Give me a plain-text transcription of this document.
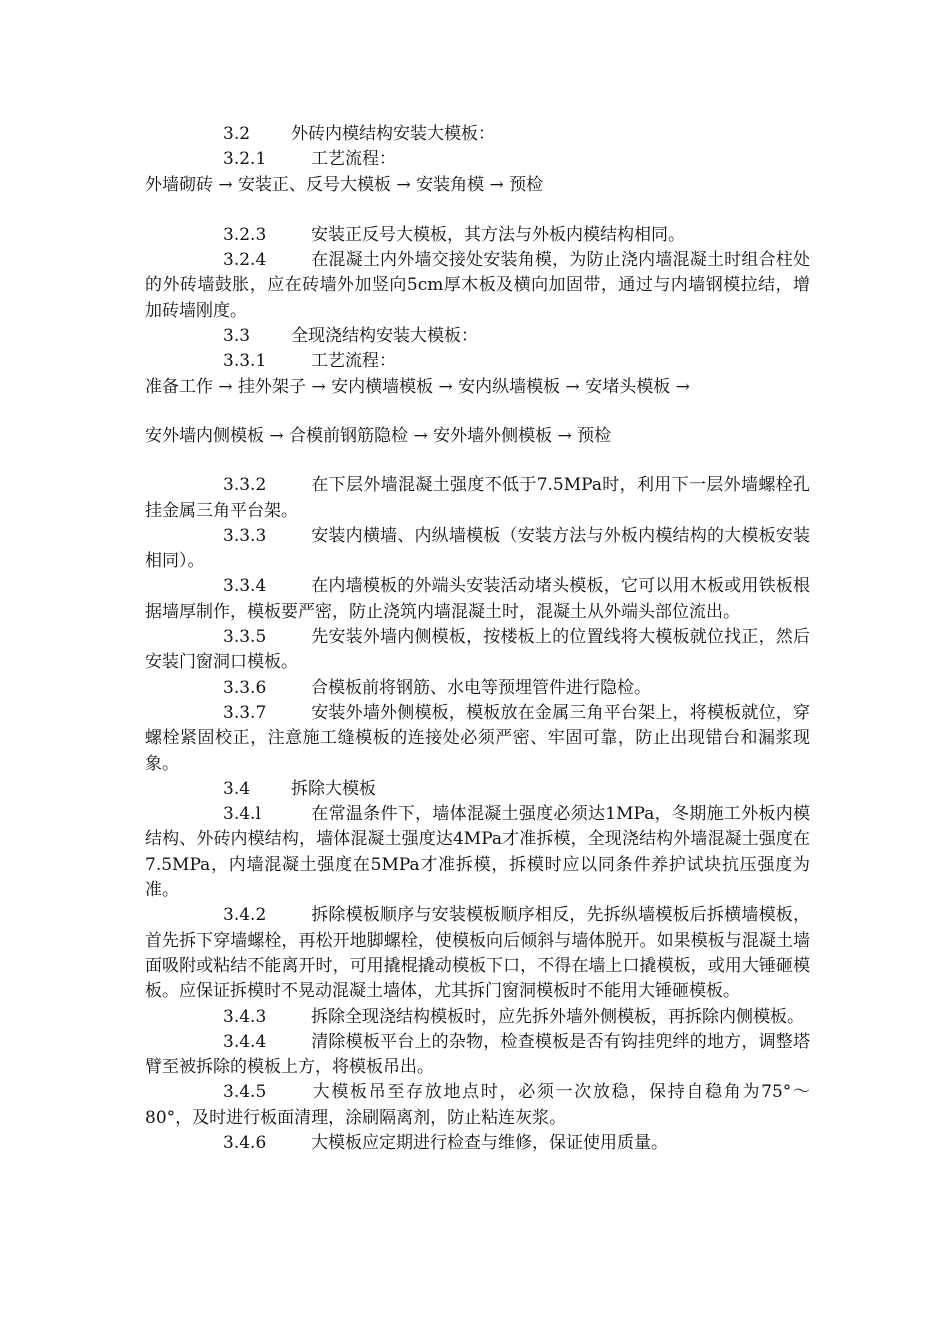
3.2 外砖内模结构安装大模板：

3.2.1	工艺流程：

外墙砌砖 → 安装正、反号大模板 → 安装角模 → 预检

3.2.3	安装正反号大模板，其方法与外板内模结构相同。

3.2.4	在混凝土内外墙交接处安装角模，为防止浇内墙混凝土时组合柱处的外砖墙鼓胀，应在砖墙外加竖向5cm厚木板及横向加固带，通过与内墙钢模拉结，增加砖墙刚度。

3.3 全现浇结构安装大模板：

3.3.1	工艺流程：

准备工作 → 挂外架子 → 安内横墙模板 → 安内纵墙模板 → 安堵头模板 →

安外墙内侧模板 → 合模前钢筋隐检 → 安外墙外侧模板 → 预检

3.3.2	在下层外墙混凝土强度不低于7.5MPa时，利用下一层外墙螺栓孔挂金属三角平台架。

3.3.3	安装内横墙、内纵墙模板（安装方法与外板内模结构的大模板安装相同）。

3.3.4	在内墙模板的外端头安装活动堵头模板，它可以用木板或用铁板根据墙厚制作，模板要严密，防止浇筑内墙混凝土时，混凝土从外端头部位流出。

3.3.5	先安装外墙内侧模板，按楼板上的位置线将大模板就位找正，然后安装门窗洞口模板。

3.3.6	合模板前将钢筋、水电等预埋管件进行隐检。

3.3.7	安装外墙外侧模板，模板放在金属三角平台架上，将模板就位，穿螺栓紧固校正，注意施工缝模板的连接处必须严密、牢固可靠，防止出现错台和漏浆现象。

3.4 拆除大模板

3.4.l	在常温条件下，墙体混凝土强度必须达1MPa，冬期施工外板内模结构、外砖内模结构，墙体混凝土强度达4MPa才准拆模，全现浇结构外墙混凝土强度在7.5MPa，内墙混凝土强度在5MPa才准拆模，拆模时应以同条件养护试块抗压强度为准。

3.4.2	拆除模板顺序与安装模板顺序相反，先拆纵墙模板后拆横墙模板，首先拆下穿墙螺栓，再松开地脚螺栓，使模板向后倾斜与墙体脱开。如果模板与混凝土墙面吸附或粘结不能离开时，可用撬棍撬动模板下口，不得在墙上口撬模板，或用大锤砸模板。应保证拆模时不晃动混凝土墙体，尤其拆门窗洞模板时不能用大锤砸模板。

3.4.3	拆除全现浇结构模板时，应先拆外墙外侧模板，再拆除内侧模板。

3.4.4	清除模板平台上的杂物，检查模板是否有钩挂兜绊的地方，调整塔臂至被拆除的模板上方，将模板吊出。

3.4.5	大模板吊至存放地点时，必须一次放稳，保持自稳角为75°～80°，及时进行板面清理，涂刷隔离剂，防止粘连灰浆。

3.4.6	大模板应定期进行检查与维修，保证使用质量。
